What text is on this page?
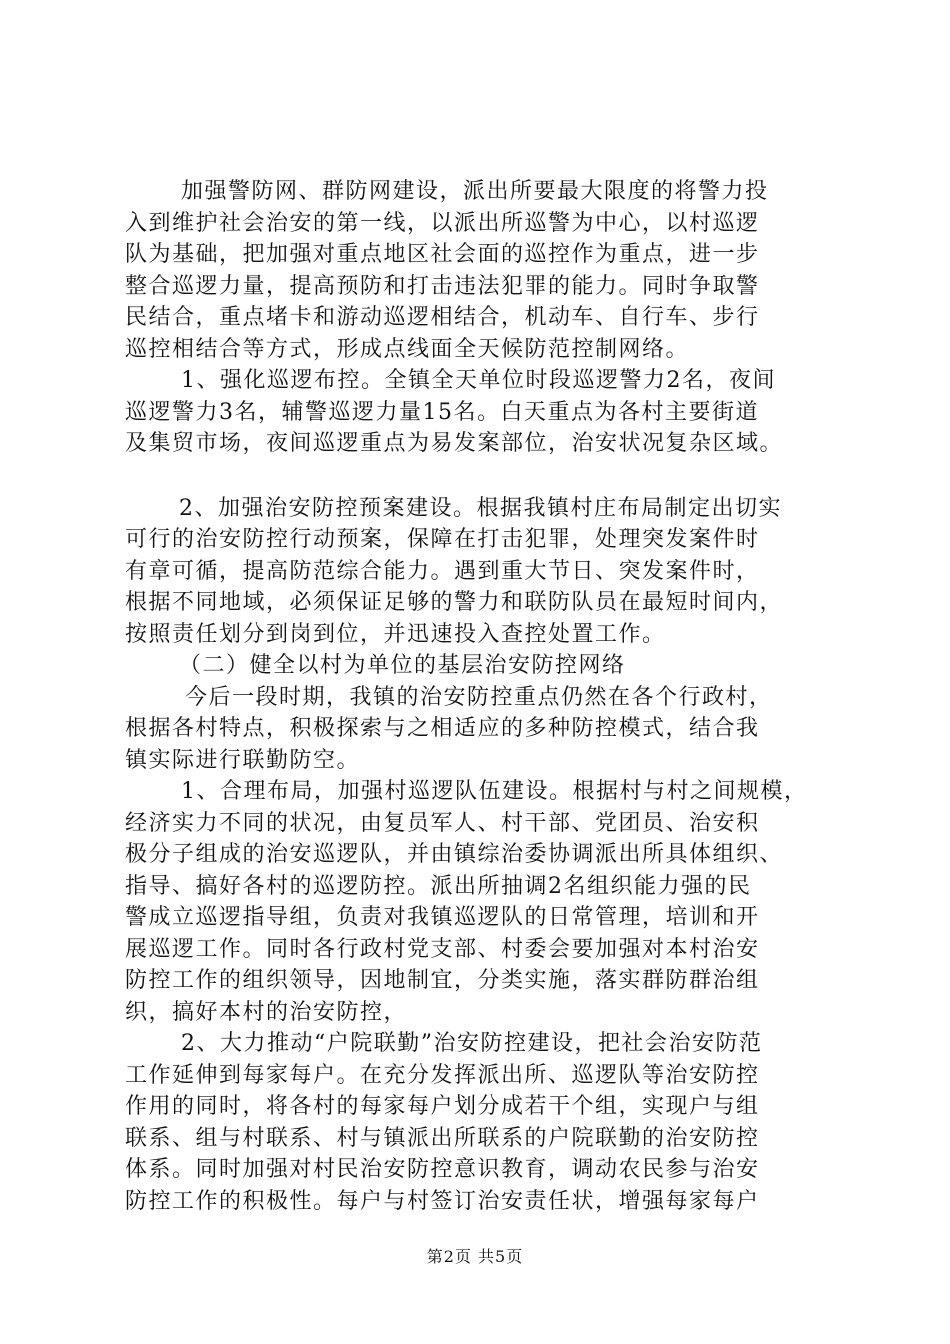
加强警防网、群防网建设，派出所要最大限度的将警力投
入到维护社会治安的第一线，以派出所巡警为中心，以村巡逻
队为基础，把加强对重点地区社会面的巡控作为重点，进一步
整合巡逻力量，提高预防和打击违法犯罪的能力。同时争取警
民结合，重点堵卡和游动巡逻相结合，机动车、自行车、步行
巡控相结合等方式，形成点线面全天候防范控制网络。
1、强化巡逻布控。全镇全天单位时段巡逻警力2名，夜间
巡逻警力3名，辅警巡逻力量15名。白天重点为各村主要街道
及集贸市场，夜间巡逻重点为易发案部位，治安状况复杂区域。
2、加强治安防控预案建设。根据我镇村庄布局制定出切实
可行的治安防控行动预案，保障在打击犯罪，处理突发案件时
有章可循，提高防范综合能力。遇到重大节日、突发案件时，
根据不同地域，必须保证足够的警力和联防队员在最短时间内，
按照责任划分到岗到位，并迅速投入查控处置工作。
（二）健全以村为单位的基层治安防控网络
今后一段时期，我镇的治安防控重点仍然在各个行政村，
根据各村特点，积极探索与之相适应的多种防控模式，结合我
镇实际进行联勤防空。
1、合理布局，加强村巡逻队伍建设。根据村与村之间规模，
经济实力不同的状况，由复员军人、村干部、党团员、治安积
极分子组成的治安巡逻队，并由镇综治委协调派出所具体组织、
指导、搞好各村的巡逻防控。派出所抽调2名组织能力强的民
警成立巡逻指导组，负责对我镇巡逻队的日常管理，培训和开
展巡逻工作。同时各行政村党支部、村委会要加强对本村治安
防控工作的组织领导，因地制宜，分类实施，落实群防群治组
织，搞好本村的治安防控，
2、大力推动“户院联勤”治安防控建设，把社会治安防范
工作延伸到每家每户。在充分发挥派出所、巡逻队等治安防控
作用的同时，将各村的每家每户划分成若干个组，实现户与组
联系、组与村联系、村与镇派出所联系的户院联勤的治安防控
体系。同时加强对村民治安防控意识教育，调动农民参与治安
防控工作的积极性。每户与村签订治安责任状，增强每家每户
第2页 共5页
